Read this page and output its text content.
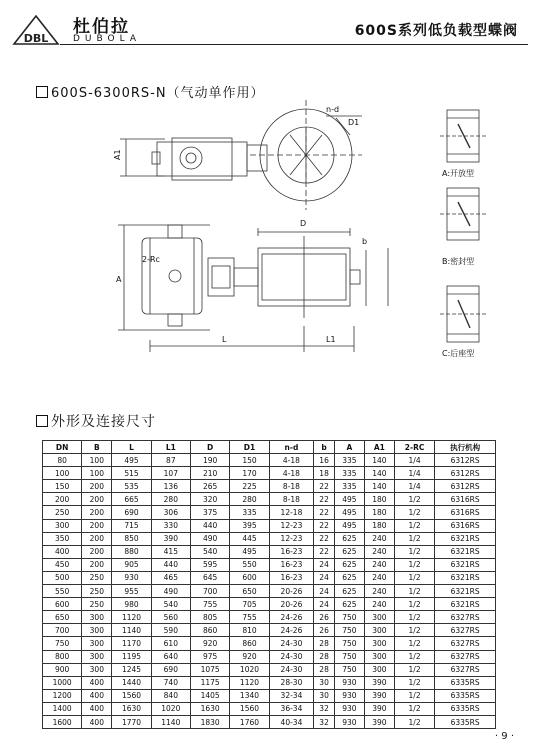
DBL
杜伯拉
DUBOLA	600S系列低负载型蝶阀
600S-6300RS-N（气动单作用）
n-d
D1
A1
2-Rc
A
D
b
L	L1
A:开放型
B:密封型
C:后座型
外形及连接尺寸
DN	B	L	L1	D	D1	n-d	b	A	A1	2-RC	执行机构
80	100	495	87	190	150	4-18	16	335	140	1/4	6312RS
100	100	515	107	210	170	4-18	18	335	140	1/4	6312RS
150	200	535	136	265	225	8-18	22	335	140	1/4	6312RS
200	200	665	280	320	280	8-18	22	495	180	1/2	6316RS
250	200	690	306	375	335	12-18	22	495	180	1/2	6316RS
300	200	715	330	440	395	12-23	22	495	180	1/2	6316RS
350	200	850	390	490	445	12-23	22	625	240	1/2	6321RS
400	200	880	415	540	495	16-23	22	625	240	1/2	6321RS
450	200	905	440	595	550	16-23	24	625	240	1/2	6321RS
500	250	930	465	645	600	16-23	24	625	240	1/2	6321RS
550	250	955	490	700	650	20-26	24	625	240	1/2	6321RS
600	250	980	540	755	705	20-26	24	625	240	1/2	6321RS
650	300	1120	560	805	755	24-26	26	750	300	1/2	6327RS
700	300	1140	590	860	810	24-26	26	750	300	1/2	6327RS
750	300	1170	610	920	860	24-30	28	750	300	1/2	6327RS
800	300	1195	640	975	920	24-30	28	750	300	1/2	6327RS
900	300	1245	690	1075	1020	24-30	28	750	300	1/2	6327RS
1000	400	1440	740	1175	1120	28-30	30	930	390	1/2	6335RS
1200	400	1560	840	1405	1340	32-34	30	930	390	1/2	6335RS
1400	400	1630	1020	1630	1560	36-34	32	930	390	1/2	6335RS
1600	400	1770	1140	1830	1760	40-34	32	930	390	1/2	6335RS
· 9 ·
